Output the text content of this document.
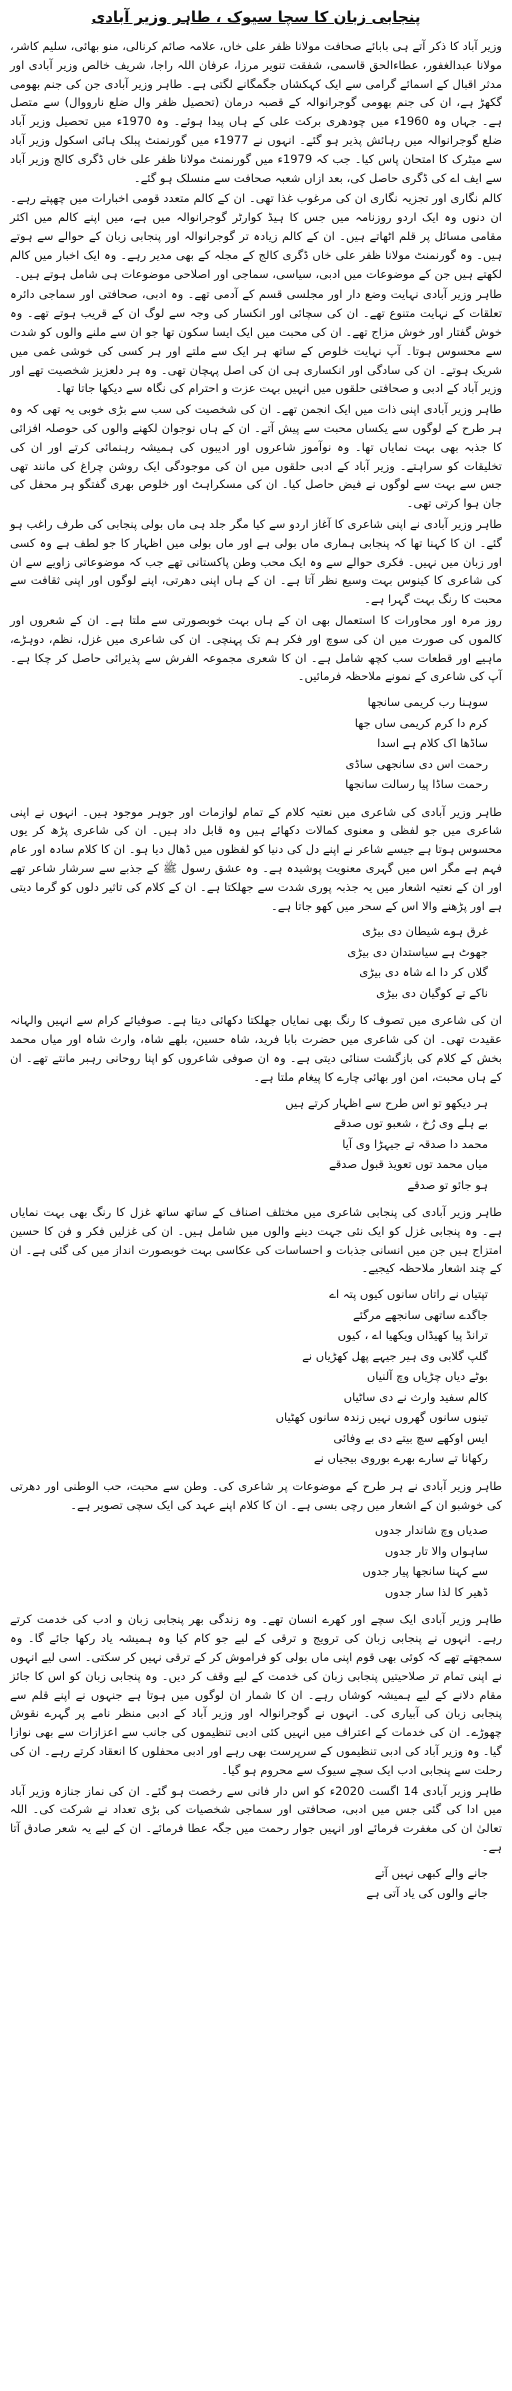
پنجابی زبان کا سچا سیوک ، طاہر وزیر آبادی

وزیر آباد کا ذکر آتے ہی بابائے صحافت مولانا ظفر علی خاں، علامہ صائم کرنالی، منو بھائی، سلیم کاشر، مولانا عبدالغفور، عطاءالحق قاسمی، شفقت تنویر مرزا، عرفان اللہ راجا، شریف خالص وزیر آبادی اور مدثر اقبال کے اسمائے گرامی سے ایک کہکشاں جگمگانے لگتی ہے۔ طاہر وزیر آبادی جن کی جنم بھومی گکھڑ ہے، ان کی جنم بھومی گوجرانوالہ کے قصبہ درمان (تحصیل ظفر وال ضلع نارووال) سے متصل ہے۔ جہاں وہ 1960ء میں چودھری برکت علی کے ہاں پیدا ہوئے۔ وہ 1970ء میں تحصیل وزیر آباد ضلع گوجرانوالہ میں رہائش پذیر ہو گئے۔ انہوں نے 1977ء میں گورنمنٹ پبلک ہائی اسکول وزیر آباد سے میٹرک کا امتحان پاس کیا۔ جب کہ 1979ء میں گورنمنٹ مولانا ظفر علی خاں ڈگری کالج وزیر آباد سے ایف اے کی ڈگری حاصل کی، بعد ازاں شعبہ صحافت سے منسلک ہو گئے۔

کالم نگاری اور تجزیہ نگاری ان کی مرغوب غذا تھی۔ ان کے کالم متعدد قومی اخبارات میں چھپتے رہے۔ ان دنوں وہ ایک اردو روزنامہ میں جس کا ہیڈ کوارٹر گوجرانوالہ میں ہے، میں اپنے کالم میں اکثر مقامی مسائل پر قلم اٹھاتے ہیں۔ ان کے کالم زیادہ تر گوجرانوالہ اور پنجابی زبان کے حوالے سے ہوتے ہیں۔ وہ گورنمنٹ مولانا ظفر علی خاں ڈگری کالج کے مجلہ کے بھی مدیر رہے۔ وہ ایک اخبار میں کالم لکھتے ہیں جن کے موضوعات میں ادبی، سیاسی، سماجی اور اصلاحی موضوعات ہی شامل ہوتے ہیں۔

طاہر وزیر آبادی نہایت وضع دار اور مجلسی قسم کے آدمی تھے۔ وہ ادبی، صحافتی اور سماجی دائرہ تعلقات کے نہایت متنوع تھے۔ ان کی سچائی اور انکسار کی وجہ سے لوگ ان کے قریب ہوتے تھے۔ وہ خوش گفتار اور خوش مزاج تھے۔ ان کی محبت میں ایک ایسا سکون تھا جو ان سے ملنے والوں کو شدت سے محسوس ہوتا۔ آپ نہایت خلوص کے ساتھ ہر ایک سے ملتے اور ہر کسی کی خوشی غمی میں شریک ہوتے۔ ان کی سادگی اور انکساری ہی ان کی اصل پہچان تھی۔ وہ ہر دلعزیز شخصیت تھے اور وزیر آباد کے ادبی و صحافتی حلقوں میں انہیں بہت عزت و احترام کی نگاہ سے دیکھا جاتا تھا۔

طاہر وزیر آبادی اپنی ذات میں ایک انجمن تھے۔ ان کی شخصیت کی سب سے بڑی خوبی یہ تھی کہ وہ ہر طرح کے لوگوں سے یکساں محبت سے پیش آتے۔ ان کے ہاں نوجوان لکھنے والوں کی حوصلہ افزائی کا جذبہ بھی بہت نمایاں تھا۔ وہ نوآموز شاعروں اور ادیبوں کی ہمیشہ رہنمائی کرتے اور ان کی تخلیقات کو سراہتے۔ وزیر آباد کے ادبی حلقوں میں ان کی موجودگی ایک روشن چراغ کی مانند تھی جس سے بہت سے لوگوں نے فیض حاصل کیا۔ ان کی مسکراہٹ اور خلوص بھری گفتگو ہر محفل کی جان ہوا کرتی تھی۔

طاہر وزیر آبادی نے اپنی شاعری کا آغاز اردو سے کیا مگر جلد ہی ماں بولی پنجابی کی طرف راغب ہو گئے۔ ان کا کہنا تھا کہ پنجابی ہماری ماں بولی ہے اور ماں بولی میں اظہار کا جو لطف ہے وہ کسی اور زبان میں نہیں۔ فکری حوالے سے وہ ایک محب وطن پاکستانی تھے جب کہ موضوعاتی زاویے سے ان کی شاعری کا کینوس بہت وسیع نظر آتا ہے۔ ان کے ہاں اپنی دھرتی، اپنے لوگوں اور اپنی ثقافت سے محبت کا رنگ بہت گہرا ہے۔

روز مرہ اور محاورات کا استعمال بھی ان کے ہاں بہت خوبصورتی سے ملتا ہے۔ ان کے شعروں اور کالموں کی صورت میں ان کی سوچ اور فکر ہم تک پہنچی۔ ان کی شاعری میں غزل، نظم، دوہڑے، ماہیے اور قطعات سب کچھ شامل ہے۔ ان کا شعری مجموعہ الفرش سے پذیرائی حاصل کر چکا ہے۔ آپ کی شاعری کے نمونے ملاحظہ فرمائیں۔

سوہنا رب کریمی سانجھا
کرم دا کرم کریمی ساں جھا
ساڈھا اک کلام ہے اسدا
رحمت اس دی سانجھی ساڈی
رحمت ساڈا پیا رسالت سانجھا

طاہر وزیر آبادی کی شاعری میں نعتیہ کلام کے تمام لوازمات اور جوہر موجود ہیں۔ انہوں نے اپنی شاعری میں جو لفظی و معنوی کمالات دکھائے ہیں وہ قابل داد ہیں۔ ان کی شاعری پڑھ کر یوں محسوس ہوتا ہے جیسے شاعر نے اپنے دل کی دنیا کو لفظوں میں ڈھال دیا ہو۔ ان کا کلام سادہ اور عام فہم ہے مگر اس میں گہری معنویت پوشیدہ ہے۔ وہ عشق رسول ﷺ کے جذبے سے سرشار شاعر تھے اور ان کے نعتیہ اشعار میں یہ جذبہ پوری شدت سے جھلکتا ہے۔ ان کے کلام کی تاثیر دلوں کو گرما دیتی ہے اور پڑھنے والا اس کے سحر میں کھو جاتا ہے۔

غرق ہوے شیطان دی بیڑی
جھوٹ ہے سیاستدان دی بیڑی
گلاں کر دا اے شاہ دی بیڑی
ناکے تے کوگیان دی بیڑی

ان کی شاعری میں تصوف کا رنگ بھی نمایاں جھلکتا دکھائی دیتا ہے۔ صوفیائے کرام سے انہیں والہانہ عقیدت تھی۔ ان کی شاعری میں حضرت بابا فرید، شاہ حسین، بلھے شاہ، وارث شاہ اور میاں محمد بخش کے کلام کی بازگشت سنائی دیتی ہے۔ وہ ان صوفی شاعروں کو اپنا روحانی رہبر مانتے تھے۔ ان کے ہاں محبت، امن اور بھائی چارے کا پیغام ملتا ہے۔

ہر دیکھو تو اس طرح سے اظہار کرتے ہیں
بے ہلے وی رُخ ، شعبو توں صدقے
محمد دا صدقہ تے جیہڑا وی آیا
میاں محمد توں تعویذ قبول صدقے
ہو جائو تو صدقے

طاہر وزیر آبادی کی پنجابی شاعری میں مختلف اصناف کے ساتھ ساتھ غزل کا رنگ بھی بہت نمایاں ہے۔ وہ پنجابی غزل کو ایک نئی جہت دینے والوں میں شامل ہیں۔ ان کی غزلیں فکر و فن کا حسین امتزاج ہیں جن میں انسانی جذبات و احساسات کی عکاسی بہت خوبصورت انداز میں کی گئی ہے۔ ان کے چند اشعار ملاحظہ کیجیے۔

تپتیاں نے راتاں سانوں کیوں پتہ اے
جاگدے ساتھی سانجھے مرگئے
ترانڈ پیا کھیڈاں ویکھیا اے ، کیوں
گلپ گلابی وی ہیر جیہے پھل کھڑیاں نے
بوٹے دیاں چڑیاں وچ آلنیاں
کالم سفید وارث نے دی ساٹیاں
تینوں سانوں گھروں نہیں زندہ سانوں کھٹیاں
ایس اوکھے سچ بیتے دی بے وفائی
رکھانا تے سارے بھرے بوروی بیجیاں نے

طاہر وزیر آبادی نے ہر طرح کے موضوعات پر شاعری کی۔ وطن سے محبت، حب الوطنی اور دھرتی کی خوشبو ان کے اشعار میں رچی بسی ہے۔ ان کا کلام اپنے عہد کی ایک سچی تصویر ہے۔

صدیاں وچ شاندار جدوں
ساہواں والا تار جدوں
سے کہنا سانجھا پیار جدوں
ڈھیر کا لذا سار جدوں

طاہر وزیر آبادی ایک سچے اور کھرے انسان تھے۔ وہ زندگی بھر پنجابی زبان و ادب کی خدمت کرتے رہے۔ انہوں نے پنجابی زبان کی ترویج و ترقی کے لیے جو کام کیا وہ ہمیشہ یاد رکھا جائے گا۔ وہ سمجھتے تھے کہ کوئی بھی قوم اپنی ماں بولی کو فراموش کر کے ترقی نہیں کر سکتی۔ اسی لیے انہوں نے اپنی تمام تر صلاحیتیں پنجابی زبان کی خدمت کے لیے وقف کر دیں۔ وہ پنجابی زبان کو اس کا جائز مقام دلانے کے لیے ہمیشہ کوشاں رہے۔ ان کا شمار ان لوگوں میں ہوتا ہے جنہوں نے اپنے قلم سے پنجابی زبان کی آبیاری کی۔ انہوں نے گوجرانوالہ اور وزیر آباد کے ادبی منظر نامے پر گہرے نقوش چھوڑے۔ ان کی خدمات کے اعتراف میں انہیں کئی ادبی تنظیموں کی جانب سے اعزازات سے بھی نوازا گیا۔ وہ وزیر آباد کی ادبی تنظیموں کے سرپرست بھی رہے اور ادبی محفلوں کا انعقاد کرتے رہے۔ ان کی رحلت سے پنجابی ادب ایک سچے سیوک سے محروم ہو گیا۔

طاہر وزیر آبادی 14 اگست 2020ء کو اس دار فانی سے رخصت ہو گئے۔ ان کی نماز جنازہ وزیر آباد میں ادا کی گئی جس میں ادبی، صحافتی اور سماجی شخصیات کی بڑی تعداد نے شرکت کی۔ اللہ تعالیٰ ان کی مغفرت فرمائے اور انہیں جوار رحمت میں جگہ عطا فرمائے۔ ان کے لیے یہ شعر صادق آتا ہے۔

جانے والے کبھی نہیں آتے
جانے والوں کی یاد آتی ہے
